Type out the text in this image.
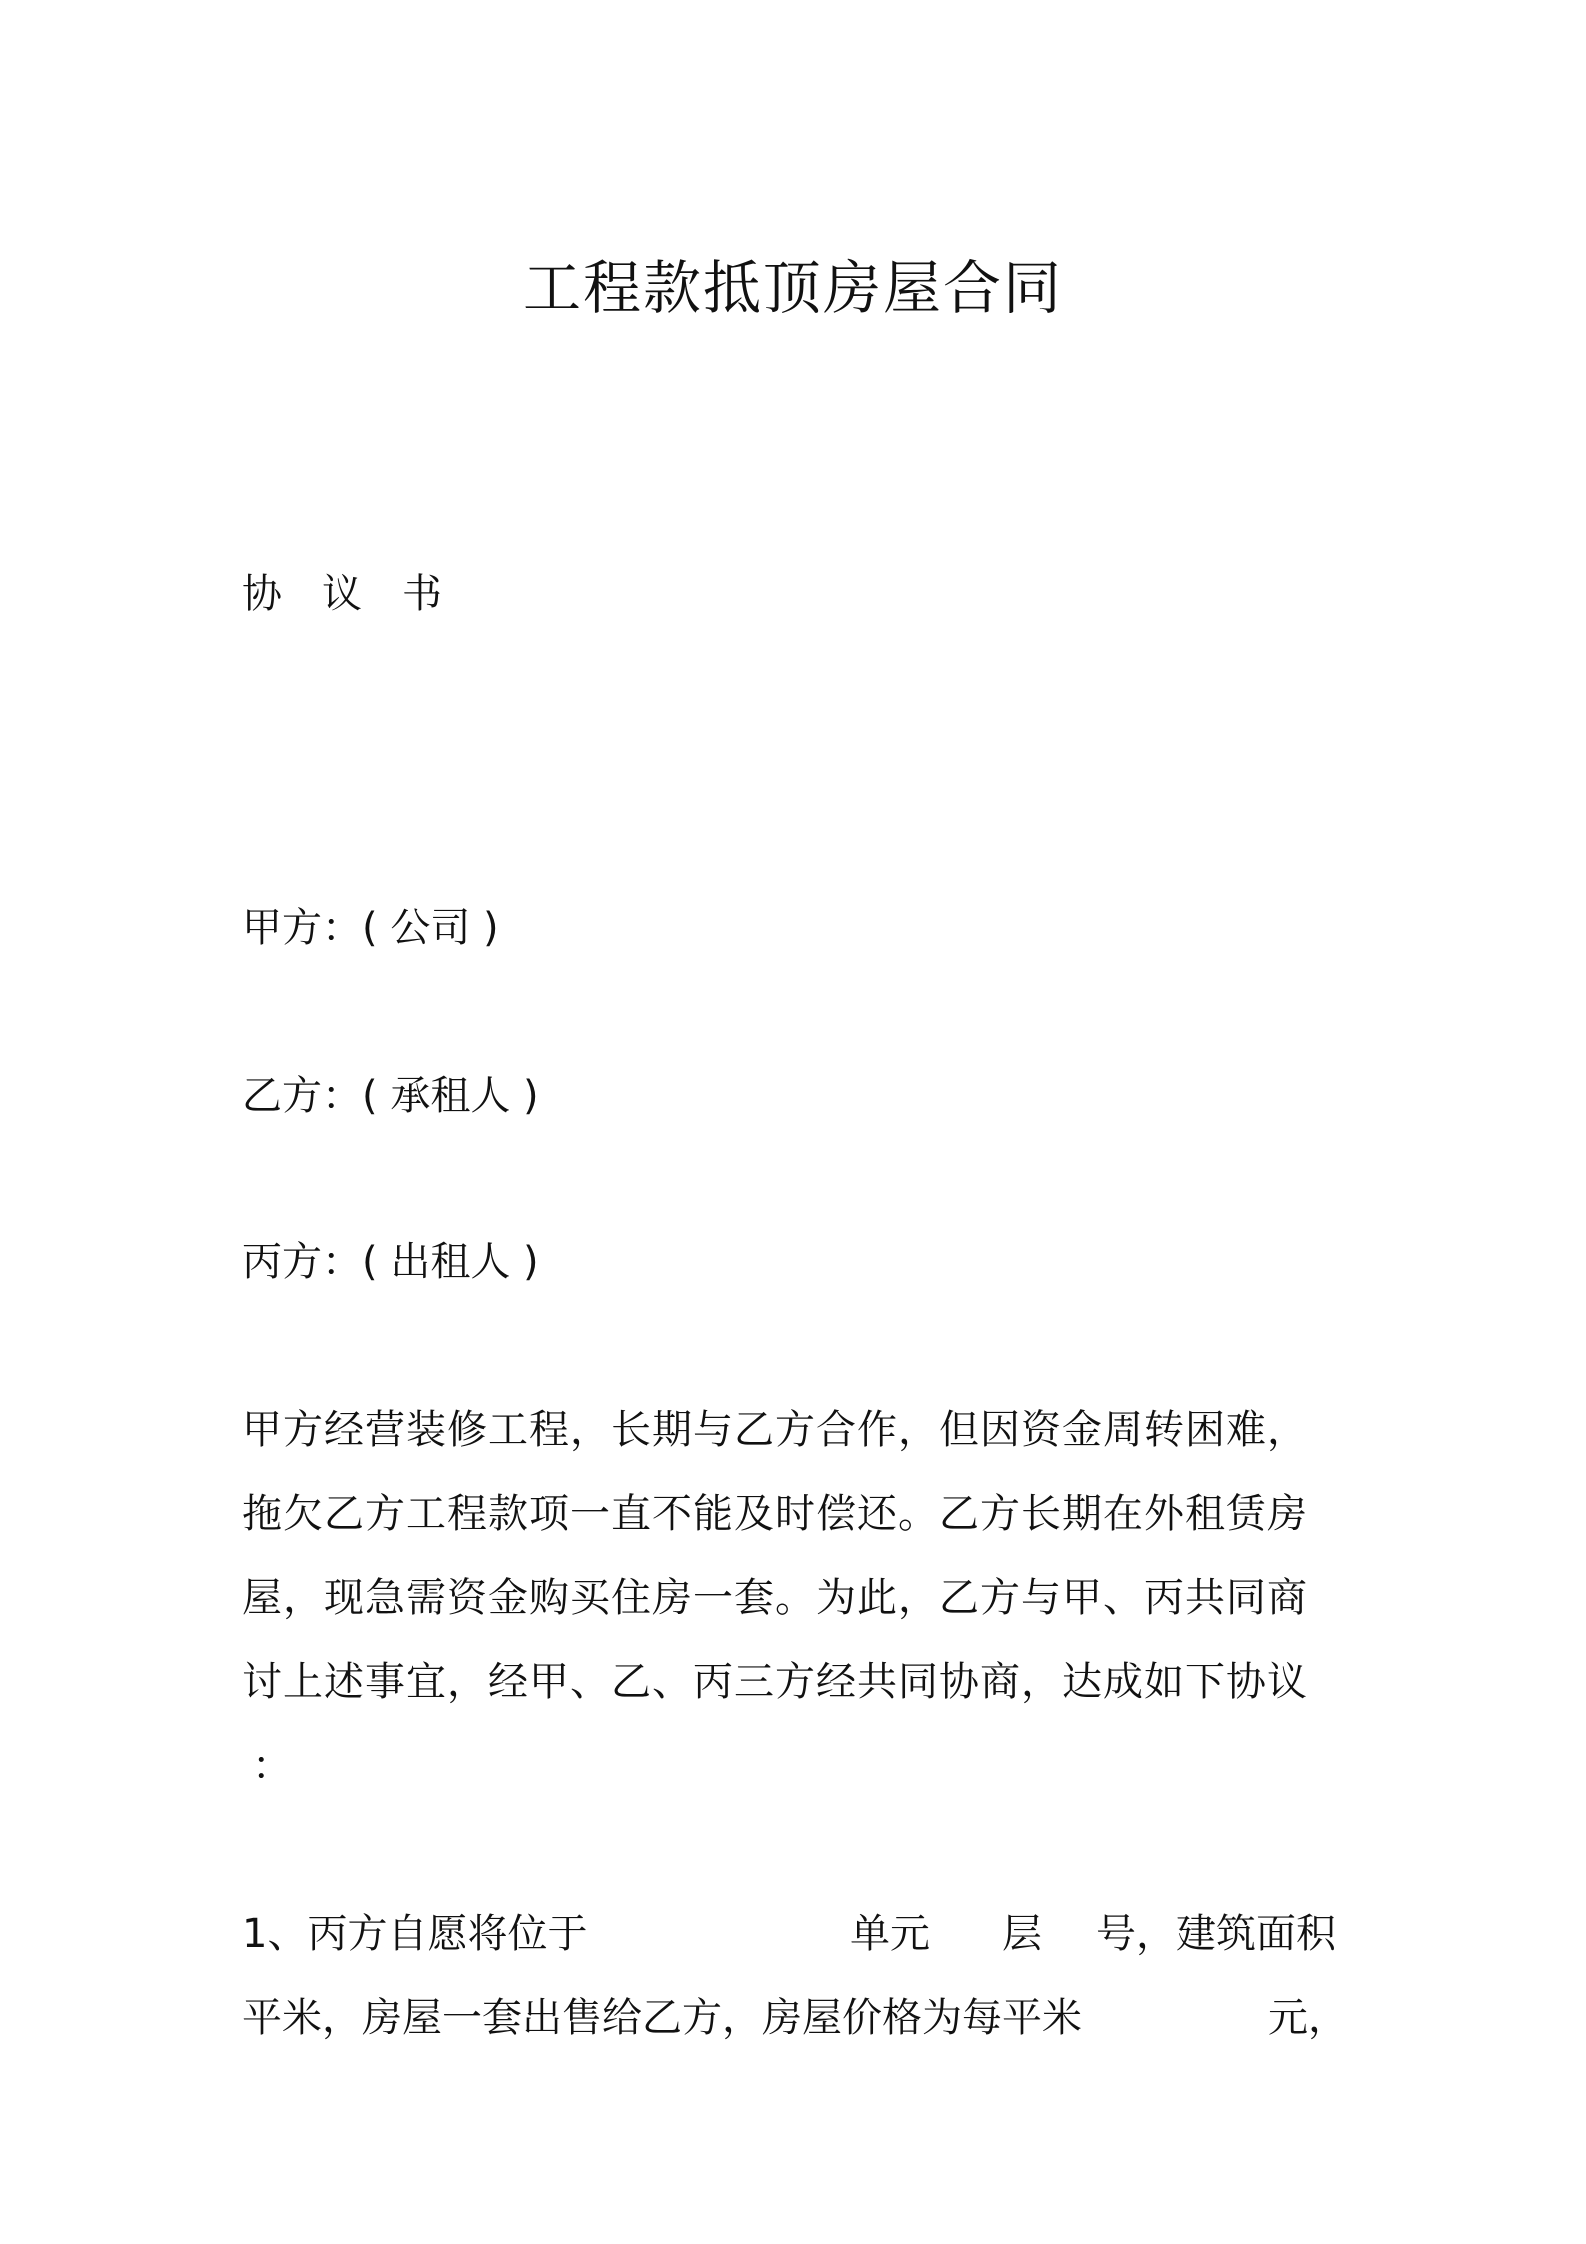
工程款抵顶房屋合同
协议书
甲方：( 公司 )
乙方：( 承租人 )
丙方：( 出租人 )
甲方经营装修工程，长期与乙方合作，但因资金周转困难，
拖欠乙方工程款项一直不能及时偿还。乙方长期在外租赁房
屋，现急需资金购买住房一套。为此，乙方与甲、丙共同商
讨上述事宜，经甲、乙、丙三方经共同协商，达成如下协议
：
1、丙方自愿将位于	单元 层 号，建筑面积
平米，房屋一套出售给乙方，房屋价格为每平米	元，
